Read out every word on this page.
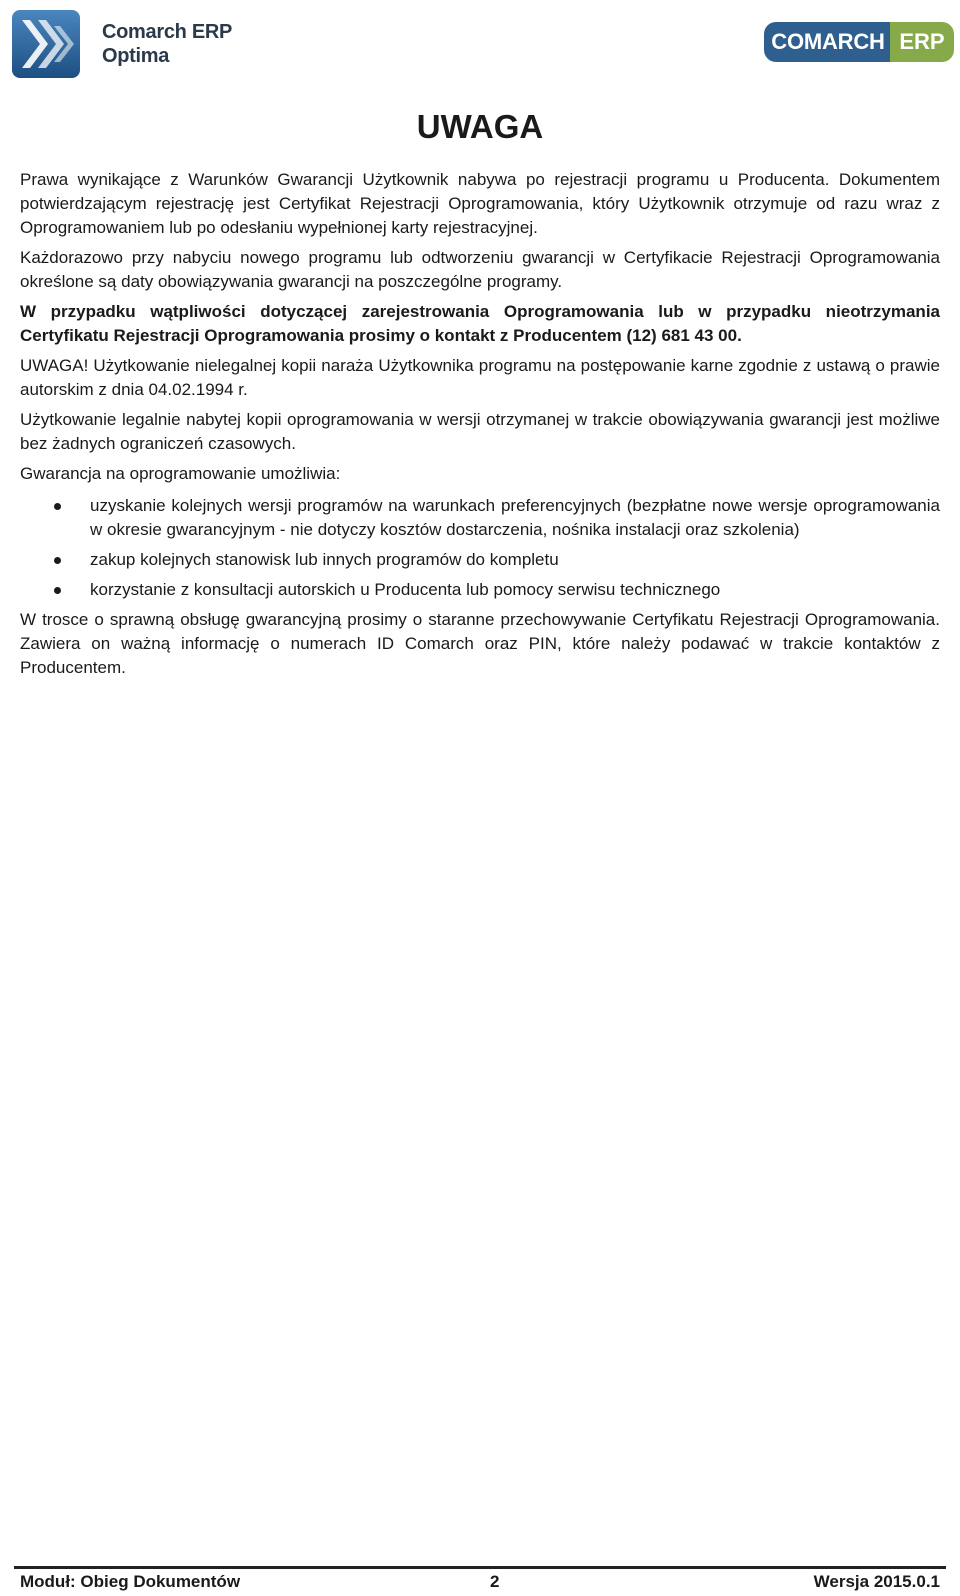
Comarch ERP
Optima
COMARCH ERP
UWAGA

Prawa wynikające z Warunków Gwarancji Użytkownik nabywa po rejestracji programu u Producenta. Dokumentem potwierdzającym rejestrację jest Certyfikat Rejestracji Oprogramowania, który Użytkownik otrzymuje od razu wraz z Oprogramowaniem lub po odesłaniu wypełnionej karty rejestracyjnej.

Każdorazowo przy nabyciu nowego programu lub odtworzeniu gwarancji w Certyfikacie Rejestracji Oprogramowania określone są daty obowiązywania gwarancji na poszczególne programy.

W przypadku wątpliwości dotyczącej zarejestrowania Oprogramowania lub w przypadku nieotrzymania Certyfikatu Rejestracji Oprogramowania prosimy o kontakt z Producentem (12) 681 43 00.

UWAGA! Użytkowanie nielegalnej kopii naraża Użytkownika programu na postępowanie karne zgodnie z ustawą o prawie autorskim z dnia 04.02.1994 r.

Użytkowanie legalnie nabytej kopii oprogramowania w wersji otrzymanej w trakcie obowiązywania gwarancji jest możliwe bez żadnych ograniczeń czasowych.

Gwarancja na oprogramowanie umożliwia:

uzyskanie kolejnych wersji programów na warunkach preferencyjnych (bezpłatne nowe wersje oprogramowania w okresie gwarancyjnym - nie dotyczy kosztów dostarczenia, nośnika instalacji oraz szkolenia)
zakup kolejnych stanowisk lub innych programów do kompletu
korzystanie z konsultacji autorskich u Producenta lub pomocy serwisu technicznego

W trosce o sprawną obsługę gwarancyjną prosimy o staranne przechowywanie Certyfikatu Rejestracji Oprogramowania. Zawiera on ważną informację o numerach ID Comarch oraz PIN, które należy podawać w trakcie kontaktów z Producentem.

Moduł: Obieg Dokumentów	2	Wersja 2015.0.1
